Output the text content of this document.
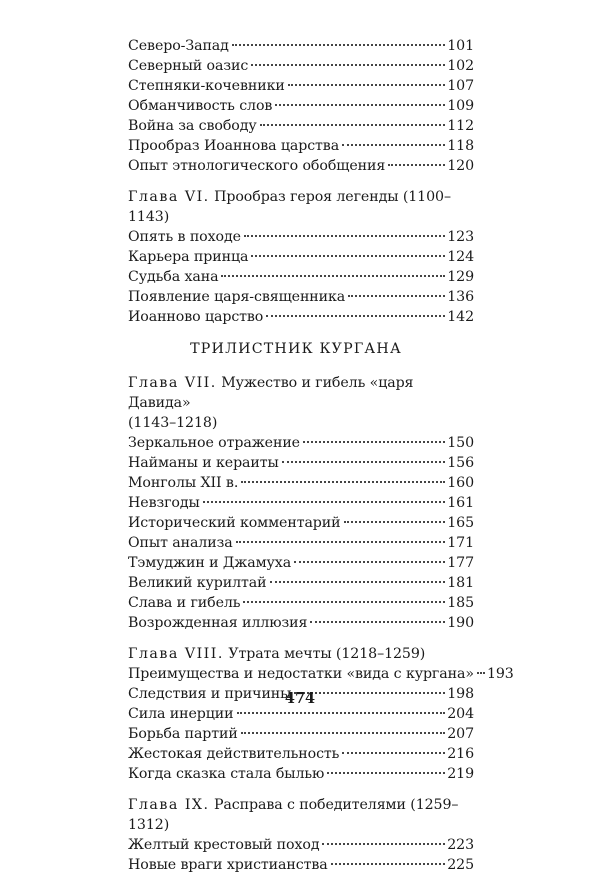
Северо-Запад	101
Северный оазис	102
Степняки-кочевники	107
Обманчивость слов	109
Война за свободу	112
Прообраз Иоаннова царства	118
Опыт этнологического обобщения	120
Глава VI. Прообраз героя легенды (1100–1143)
Опять в походе	123
Карьера принца	124
Судьба хана	129
Появление царя-священника	136
Иоанново царство	142
ТРИЛИСТНИК КУРГАНА
Глава VII. Мужество и гибель «царя Давида»
(1143–1218)
Зеркальное отражение	150
Найманы и кераиты	156
Монголы XII в.	160
Невзгоды	161
Исторический комментарий	165
Опыт анализа	171
Тэмуджин и Джамуха	177
Великий курилтай	181
Слава и гибель	185
Возрожденная иллюзия	190
Глава VIII. Утрата мечты (1218–1259)
Преимущества и недостатки «вида с кургана» 193
Следствия и причины	198
Сила инерции	204
Борьба партий	207
Жестокая действительность	216
Когда сказка стала былью	219
Глава IX. Расправа с победителями (1259–1312)
Желтый крестовый поход	223
Новые враги христианства	225
474
